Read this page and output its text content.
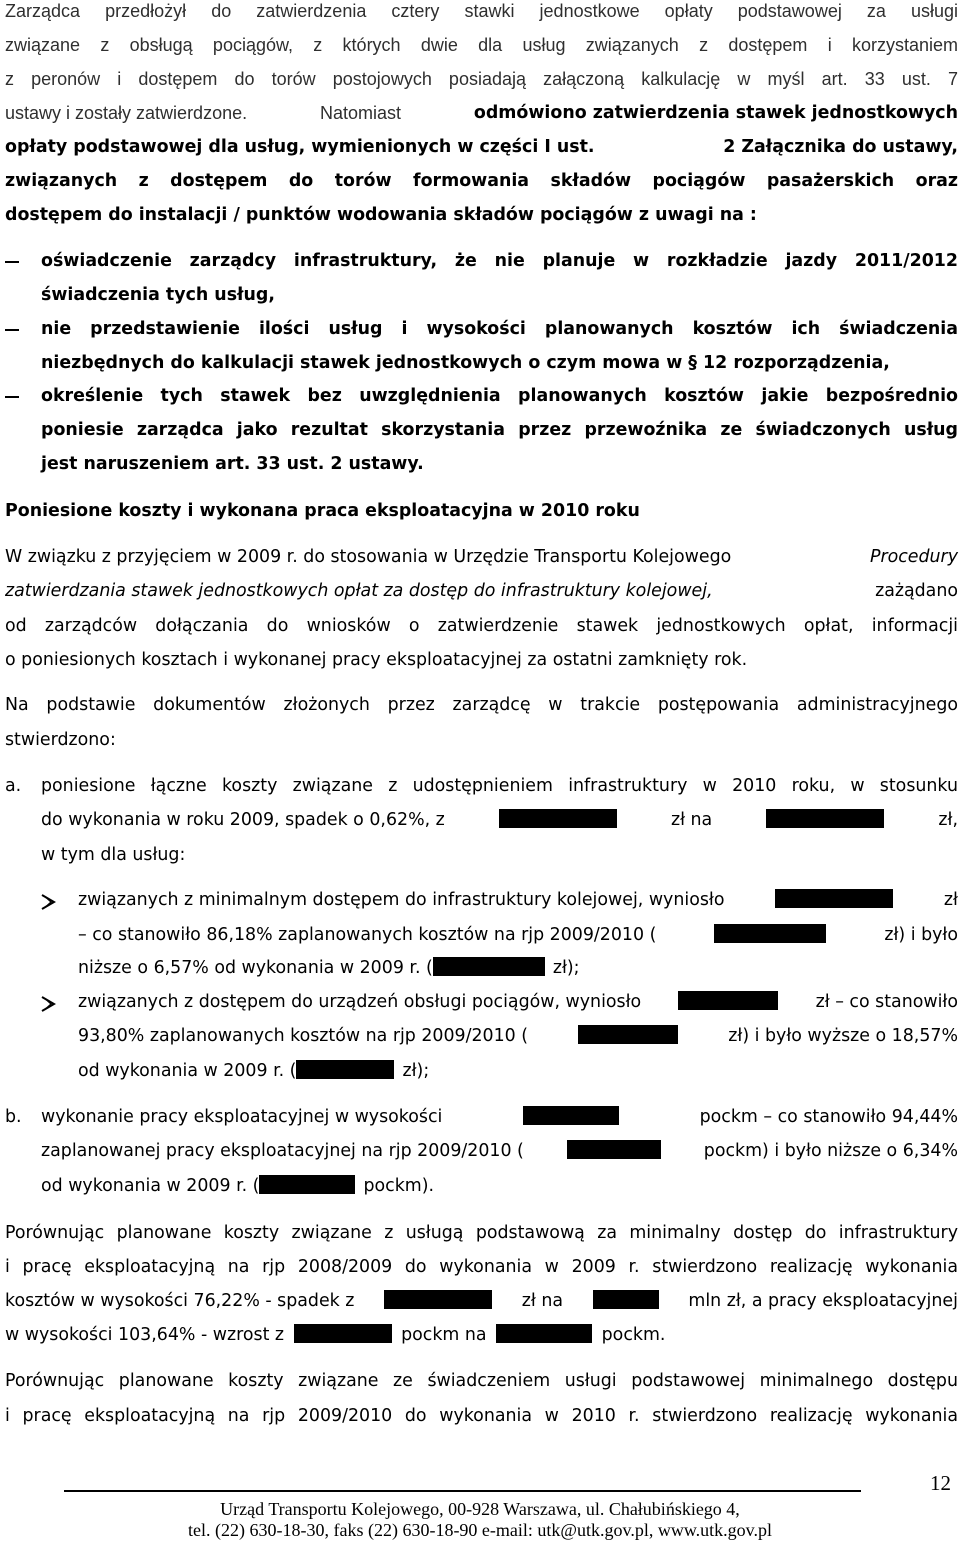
Zarządca przedłożył do zatwierdzenia cztery stawki jednostkowe opłaty podstawowej za usługi
związane z obsługą pociągów, z których dwie dla usług związanych z dostępem i korzystaniem
z peronów i dostępem do torów postojowych posiadają załączoną kalkulację w myśl art. 33 ust. 7
ustawy i zostały zatwierdzone.	Natomiast	odmówiono zatwierdzenia stawek jednostkowych
opłaty podstawowej dla usług, wymienionych w części I ust.	2 Załącznika do ustawy,
związanych z dostępem do torów formowania składów pociągów pasażerskich oraz
dostępem do instalacji / punktów wodowania składów pociągów z uwagi na :
oświadczenie zarządcy infrastruktury, że nie planuje w rozkładzie jazdy 2011/2012
świadczenia tych usług,
nie przedstawienie ilości usług i wysokości planowanych kosztów ich świadczenia
niezbędnych do kalkulacji stawek jednostkowych o czym mowa w § 12 rozporządzenia,
określenie tych stawek bez uwzględnienia planowanych kosztów jakie bezpośrednio
poniesie zarządca jako rezultat skorzystania przez przewoźnika ze świadczonych usług
jest naruszeniem art. 33 ust. 2 ustawy.
Poniesione koszty i wykonana praca eksploatacyjna w 2010 roku
W związku z przyjęciem w 2009 r. do stosowania w Urzędzie Transportu Kolejowego	Procedury
zatwierdzania stawek jednostkowych opłat za dostęp do infrastruktury kolejowej,	zażądano
od zarządców dołączania do wniosków o zatwierdzenie stawek jednostkowych opłat, informacji
o poniesionych kosztach i wykonanej pracy eksploatacyjnej za ostatni zamknięty rok.
Na podstawie dokumentów złożonych przez zarządcę w trakcie postępowania administracyjnego
stwierdzono:
a. poniesione łączne koszty związane z udostępnieniem infrastruktury w 2010 roku, w stosunku
do wykonania w roku 2009, spadek o 0,62%, z	zł na	zł,
w tym dla usług:
związanych z minimalnym dostępem do infrastruktury kolejowej, wyniosło	zł
– co stanowiło 86,18% zaplanowanych kosztów na rjp 2009/2010 (	zł) i było
niższe o 6,57% od wykonania w 2009 r. (	zł);
związanych z dostępem do urządzeń obsługi pociągów, wyniosło	zł – co stanowiło
93,80% zaplanowanych kosztów na rjp 2009/2010 (	zł) i było wyższe o 18,57%
od wykonania w 2009 r. (	zł);
b. wykonanie pracy eksploatacyjnej w wysokości	pockm – co stanowiło 94,44%
zaplanowanej pracy eksploatacyjnej na rjp 2009/2010 (	pockm) i było niższe o 6,34%
od wykonania w 2009 r. (	pockm).
Porównując planowane koszty związane z usługą podstawową za minimalny dostęp do infrastruktury
i pracę eksploatacyjną na rjp 2008/2009 do wykonania w 2009 r. stwierdzono realizację wykonania
kosztów w wysokości 76,22% - spadek z	zł na	mln zł, a pracy eksploatacyjnej
w wysokości 103,64% - wzrost z	pockm na	pockm.
Porównując planowane koszty związane ze świadczeniem usługi podstawowej minimalnego dostępu
i pracę eksploatacyjną na rjp 2009/2010 do wykonania w 2010 r. stwierdzono realizację wykonania
12
Urząd Transportu Kolejowego, 00-928 Warszawa, ul. Chałubińskiego 4,
tel. (22) 630-18-30, faks (22) 630-18-90 e-mail: utk@utk.gov.pl, www.utk.gov.pl
